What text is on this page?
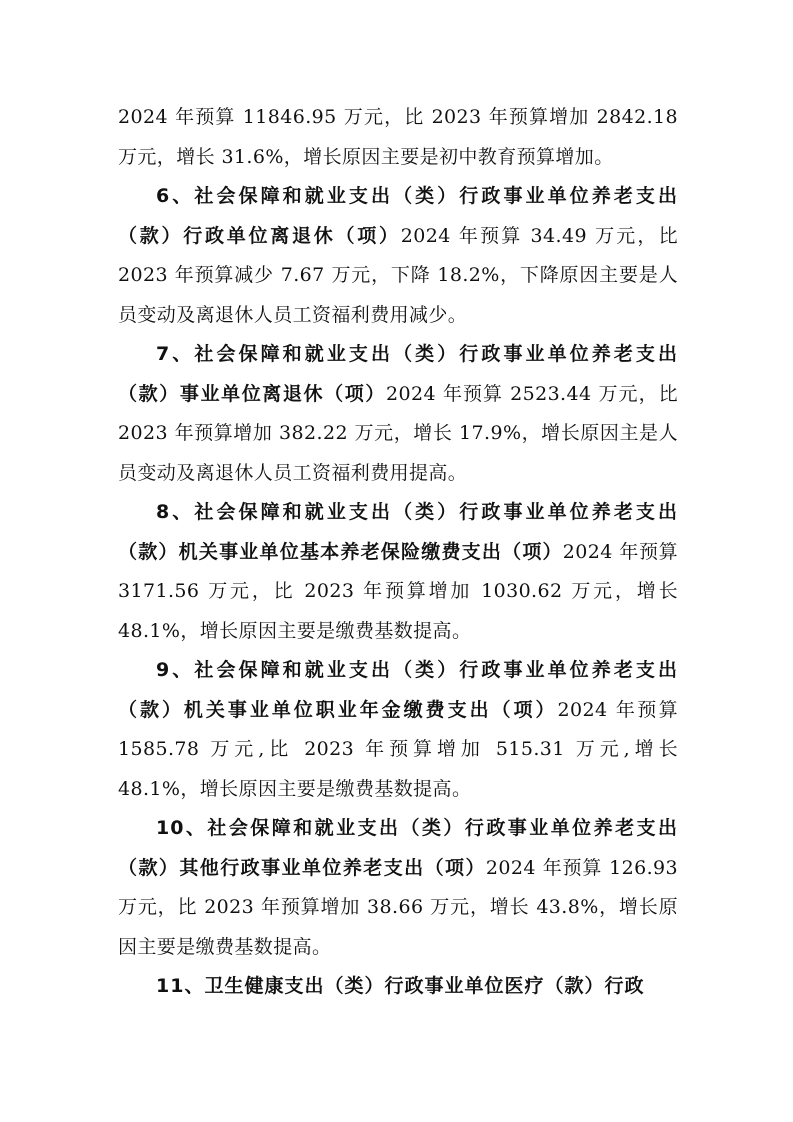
2024 年预算 11846.95 万元，比 2023 年预算增加 2842.18 万元，增长 31.6%，增长原因主要是初中教育预算增加。

6、社会保障和就业支出（类）行政事业单位养老支出（款）行政单位离退休（项）2024 年预算 34.49 万元，比 2023 年预算减少 7.67 万元，下降 18.2%，下降原因主要是人员变动及离退休人员工资福利费用减少。

7、社会保障和就业支出（类）行政事业单位养老支出（款）事业单位离退休（项）2024 年预算 2523.44 万元，比 2023 年预算增加 382.22 万元，增长 17.9%，增长原因主是人员变动及离退休人员工资福利费用提高。

8、社会保障和就业支出（类）行政事业单位养老支出（款）机关事业单位基本养老保险缴费支出（项）2024 年预算 3171.56 万元，比 2023 年预算增加 1030.62 万元，增长 48.1%，增长原因主要是缴费基数提高。

9、社会保障和就业支出（类）行政事业单位养老支出（款）机关事业单位职业年金缴费支出（项）2024 年预算 1585.78 万元,比 2023 年预算增加 515.31 万元,增长 48.1%，增长原因主要是缴费基数提高。

10、社会保障和就业支出（类）行政事业单位养老支出（款）其他行政事业单位养老支出（项）2024 年预算 126.93 万元，比 2023 年预算增加 38.66 万元，增长 43.8%，增长原因主要是缴费基数提高。

11、卫生健康支出（类）行政事业单位医疗（款）行政
